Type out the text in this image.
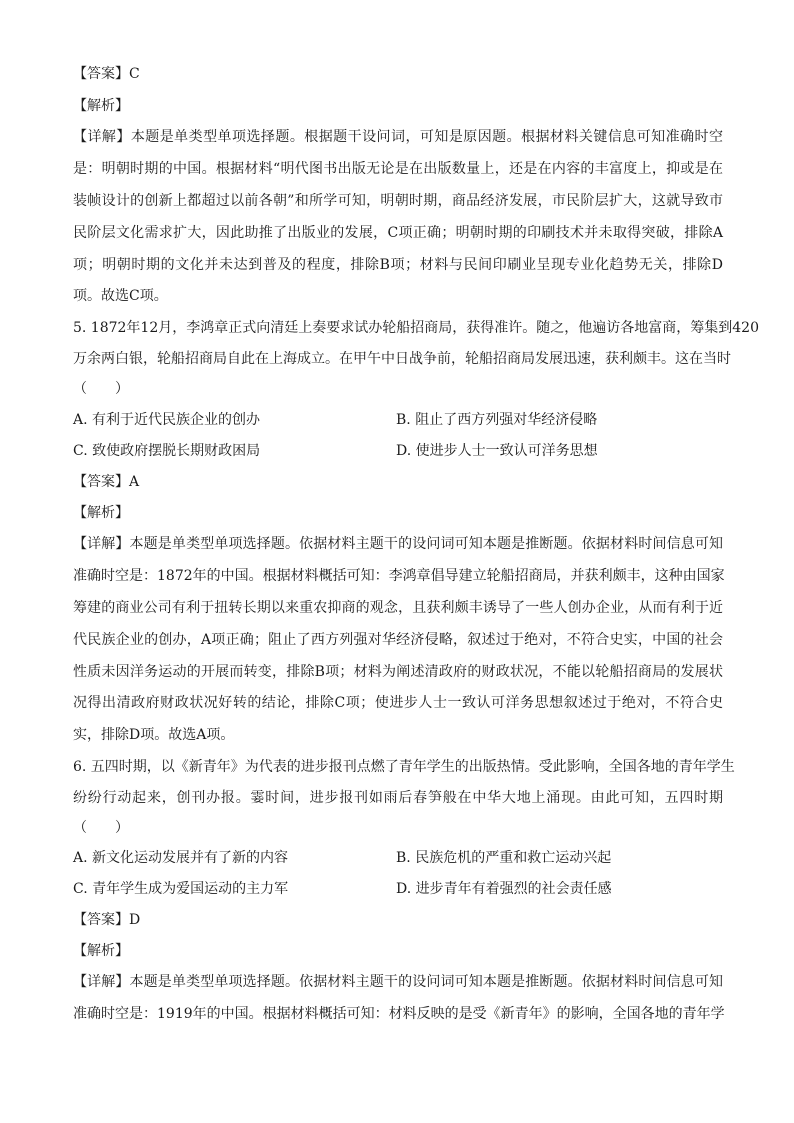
【答案】C
【解析】
【详解】本题是单类型单项选择题。根据题干设问词，可知是原因题。根据材料关键信息可知准确时空
是：明朝时期的中国。根据材料“明代图书出版无论是在出版数量上，还是在内容的丰富度上，抑或是在
装帧设计的创新上都超过以前各朝”和所学可知，明朝时期，商品经济发展，市民阶层扩大，这就导致市
民阶层文化需求扩大，因此助推了出版业的发展，C项正确；明朝时期的印刷技术并未取得突破，排除A
项；明朝时期的文化并未达到普及的程度，排除B项；材料与民间印刷业呈现专业化趋势无关，排除D
项。故选C项。
5. 1872年12月，李鸿章正式向清廷上奏要求试办轮船招商局，获得准许。随之，他遍访各地富商，筹集到420
万余两白银，轮船招商局自此在上海成立。在甲午中日战争前，轮船招商局发展迅速，获利颇丰。这在当时
（　　）
A. 有利于近代民族企业的创办	B. 阻止了西方列强对华经济侵略
C. 致使政府摆脱长期财政困局	D. 使进步人士一致认可洋务思想
【答案】A
【解析】
【详解】本题是单类型单项选择题。依据材料主题干的设问词可知本题是推断题。依据材料时间信息可知
准确时空是：1872年的中国。根据材料概括可知：李鸿章倡导建立轮船招商局，并获利颇丰，这种由国家
筹建的商业公司有利于扭转长期以来重农抑商的观念，且获利颇丰诱导了一些人创办企业，从而有利于近
代民族企业的创办，A项正确；阻止了西方列强对华经济侵略，叙述过于绝对，不符合史实，中国的社会
性质未因洋务运动的开展而转变，排除B项；材料为阐述清政府的财政状况，不能以轮船招商局的发展状
况得出清政府财政状况好转的结论，排除C项；使进步人士一致认可洋务思想叙述过于绝对，不符合史
实，排除D项。故选A项。
6. 五四时期，以《新青年》为代表的进步报刊点燃了青年学生的出版热情。受此影响，全国各地的青年学生
纷纷行动起来，创刊办报。霎时间，进步报刊如雨后春笋般在中华大地上涌现。由此可知，五四时期
（　　）
A. 新文化运动发展并有了新的内容	B. 民族危机的严重和救亡运动兴起
C. 青年学生成为爱国运动的主力军	D. 进步青年有着强烈的社会责任感
【答案】D
【解析】
【详解】本题是单类型单项选择题。依据材料主题干的设问词可知本题是推断题。依据材料时间信息可知
准确时空是：1919年的中国。根据材料概括可知：材料反映的是受《新青年》的影响，全国各地的青年学
